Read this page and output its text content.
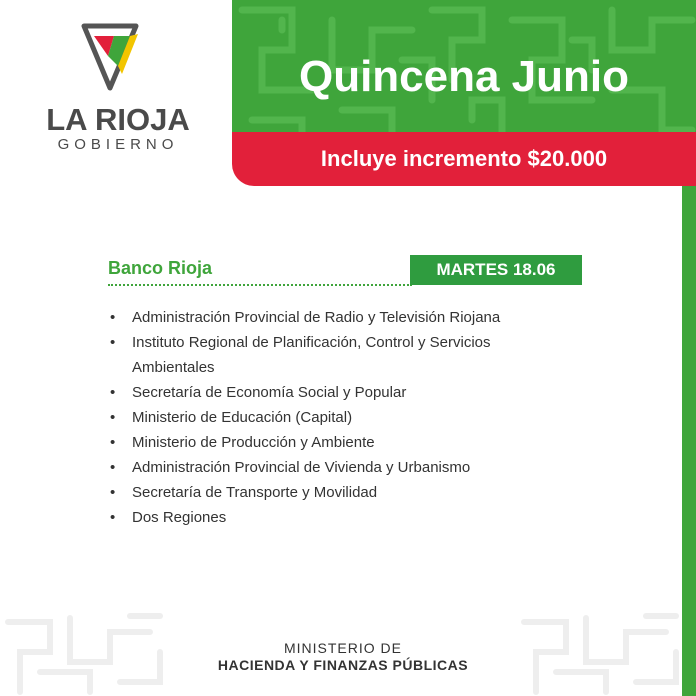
LA RIOJA
GOBIERNO
Quincena Junio
Incluye incremento $20.000
Banco Rioja	MARTES 18.06
• Administración Provincial de Radio y Televisión Riojana
• Instituto Regional de Planificación, Control y Servicios
Ambientales
• Secretaría de Economía Social y Popular
• Ministerio de Educación (Capital)
• Ministerio de Producción y Ambiente
• Administración Provincial de Vivienda y Urbanismo
• Secretaría de Transporte y Movilidad
• Dos Regiones
MINISTERIO DE
HACIENDA Y FINANZAS PÚBLICAS
